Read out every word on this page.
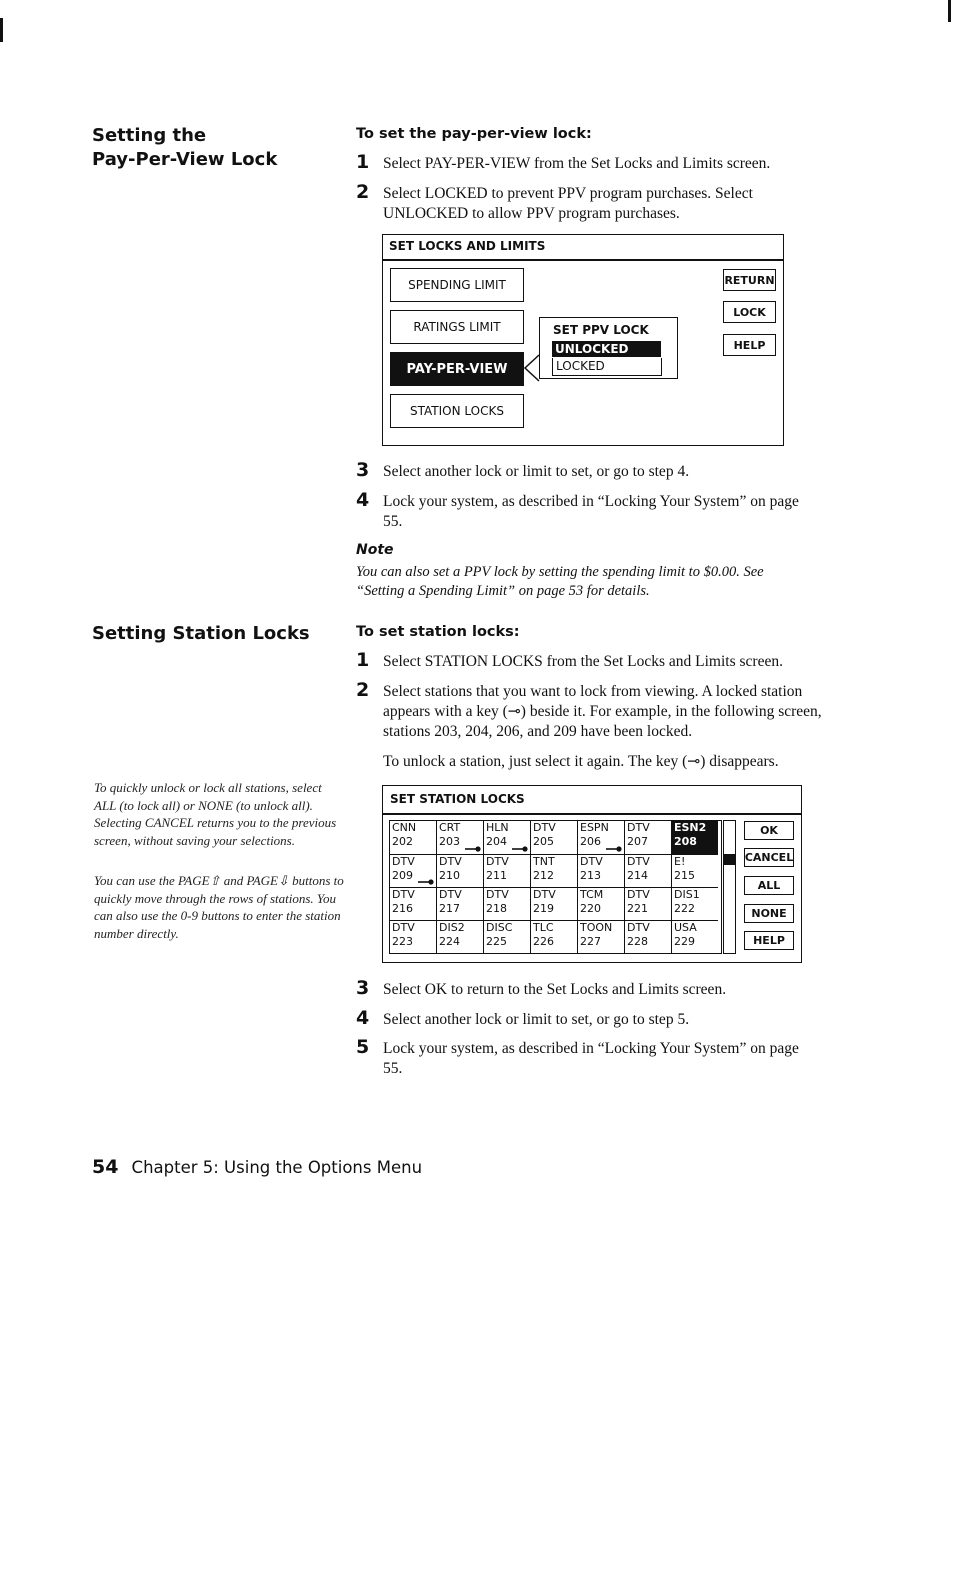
Setting the
Pay-Per-View Lock
Setting Station Locks
To set the pay-per-view lock:
1 Select PAY-PER-VIEW from the Set Locks and Limits screen.
2 Select LOCKED to prevent PPV program purchases. Select UNLOCKED to allow PPV program purchases.
SET LOCKS AND LIMITS
SPENDING LIMIT
RATINGS LIMIT
PAY-PER-VIEW
STATION LOCKS
SET PPV LOCK
UNLOCKED
LOCKED
RETURN
LOCK
HELP
3 Select another lock or limit to set, or go to step 4.
4 Lock your system, as described in “Locking Your System” on page 55.
Note
You can also set a PPV lock by setting the spending limit to $0.00. See “Setting a Spending Limit” on page 53 for details.
To set station locks:
1 Select STATION LOCKS from the Set Locks and Limits screen.
2 Select stations that you want to lock from viewing. A locked station appears with a key (⊸) beside it. For example, in the following screen, stations 203, 204, 206, and 209 have been locked.
To unlock a station, just select it again. The key (⊸) disappears.
To quickly unlock or lock all stations, select ALL (to lock all) or NONE (to unlock all). Selecting CANCEL returns you to the previous screen, without saving your selections.
You can use the PAGE⇧ and PAGE⇩ buttons to quickly move through the rows of stations. You can also use the 0-9 buttons to enter the station number directly.
SET STATION LOCKS
CNN
202
CRT
203
HLN
204
DTV
205
ESPN
206
DTV
207
ESN2
208
DTV
209
DTV
210
DTV
211
TNT
212
DTV
213
DTV
214
E!
215
DTV
216
DTV
217
DTV
218
DTV
219
TCM
220
DTV
221
DIS1
222
DTV
223
DIS2
224
DISC
225
TLC
226
TOON
227
DTV
228
USA
229
OK
CANCEL
ALL
NONE
HELP
3 Select OK to return to the Set Locks and Limits screen.
4 Select another lock or limit to set, or go to step 5.
5 Lock your system, as described in “Locking Your System” on page 55.
54 Chapter 5: Using the Options Menu
